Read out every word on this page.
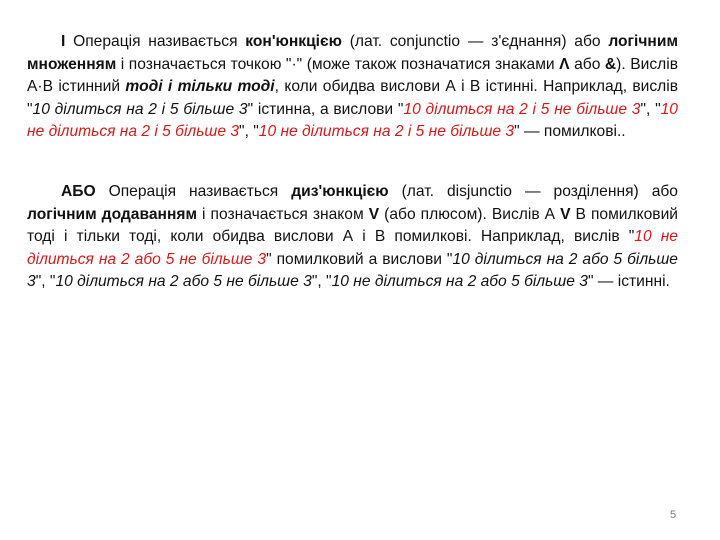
І Операція називається кон'юнкцією (лат. conjunctio — з'єднання) або логічним множенням і позначається точкою "·" (може також позначатися знаками Λ або &). Вислів А·В істинний тоді і тільки тоді, коли обидва вислови А і В істинні. Наприклад, вислів "10 ділиться на 2 і 5 більше 3" істинна, а вислови "10 ділиться на 2 і 5 не більше 3", "10 не ділиться на 2 і 5 більше 3", "10 не ділиться на 2 і 5 не більше 3" — помилкові..

АБО Операція називається диз'юнкцією (лат. disjunctio — розділення) або логічним додаванням і позначається знаком V (або плюсом). Вислів А V В помилковий тоді і тільки тоді, коли обидва вислови А і В помилкові. Наприклад, вислів "10 не ділиться на 2 або 5 не більше 3" помилковий а вислови "10 ділиться на 2 або 5 більше 3", "10 ділиться на 2 або 5 не більше 3", "10 не ділиться на 2 або 5 більше 3" — істинні.

5
